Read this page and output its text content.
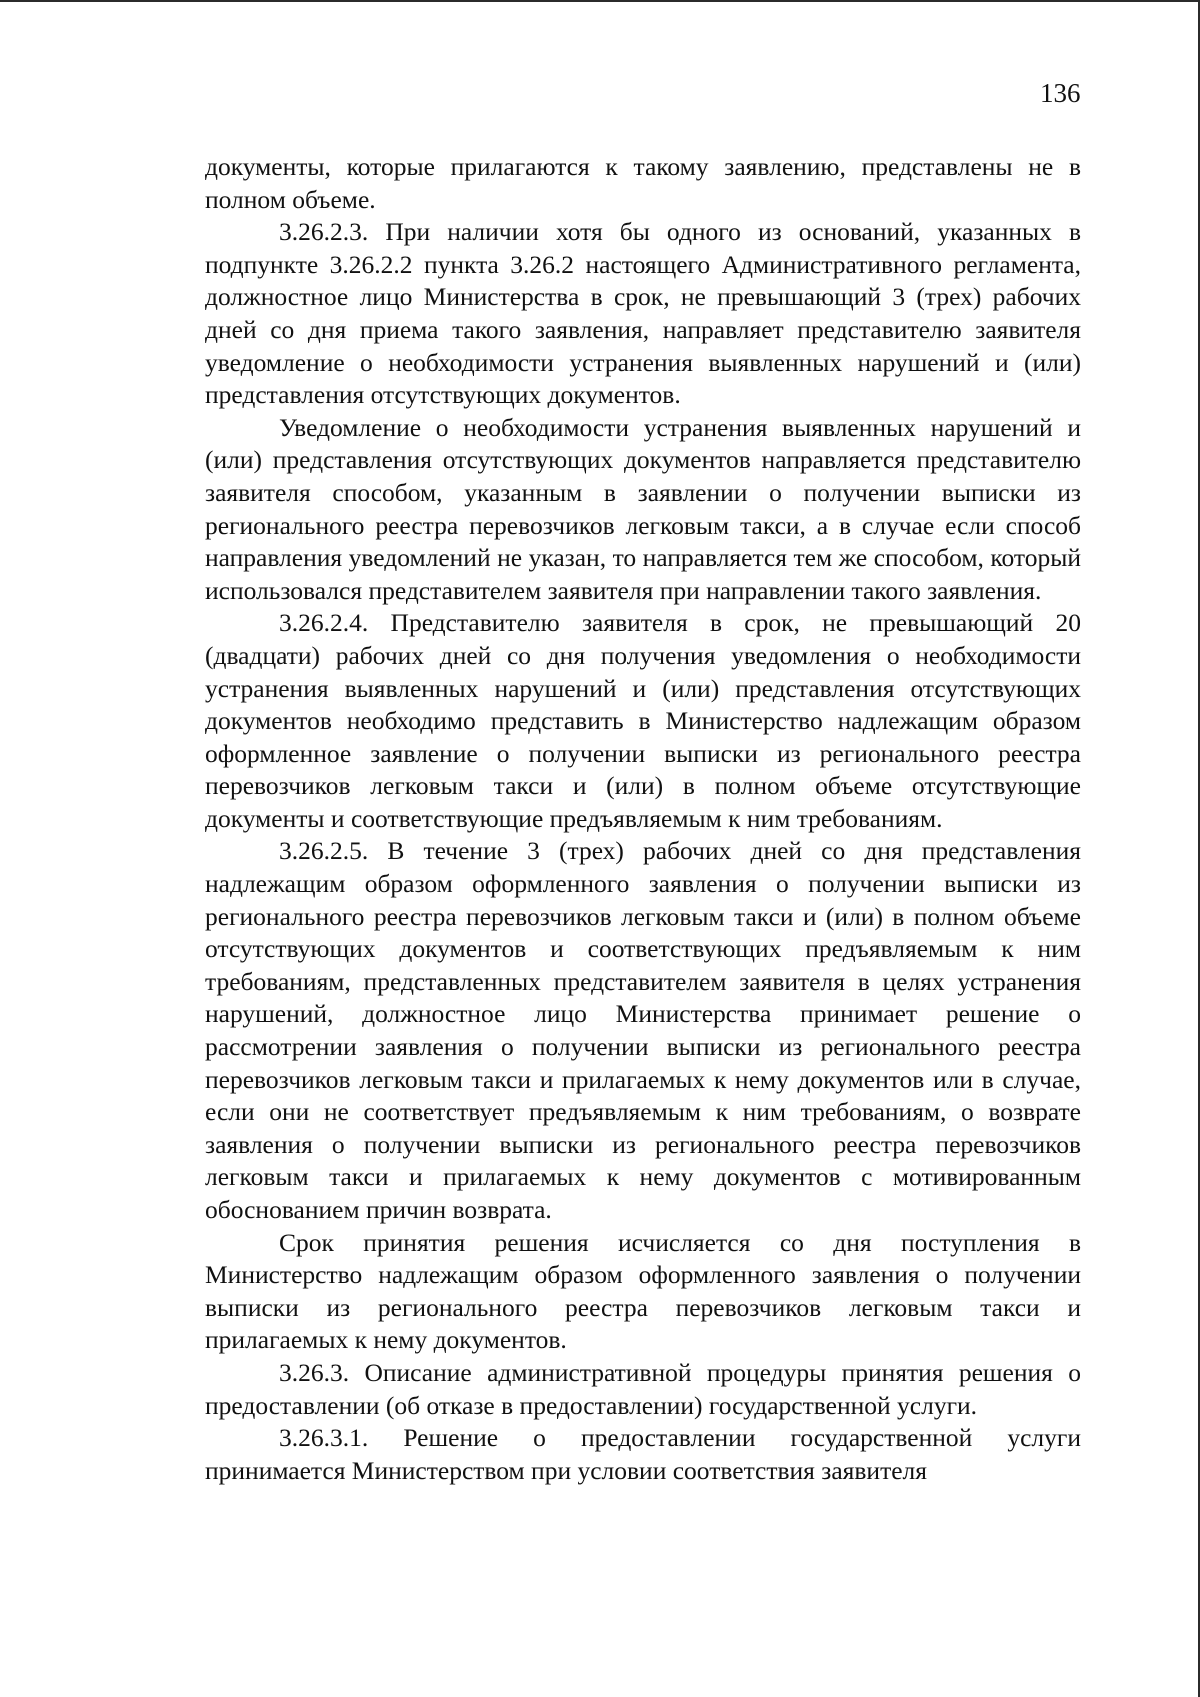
136

документы, которые прилагаются к такому заявлению, представлены не в полном объеме.

3.26.2.3. При наличии хотя бы одного из оснований, указанных в подпункте 3.26.2.2 пункта 3.26.2 настоящего Административного регламента, должностное лицо Министерства в срок, не превышающий 3 (трех) рабочих дней со дня приема такого заявления, направляет представителю заявителя уведомление о необходимости устранения выявленных нарушений и (или) представления отсутствующих документов.

Уведомление о необходимости устранения выявленных нарушений и (или) представления отсутствующих документов направляется представителю заявителя способом, указанным в заявлении о получении выписки из регионального реестра перевозчиков легковым такси, а в случае если способ направления уведомлений не указан, то направляется тем же способом, который использовался представителем заявителя при направлении такого заявления.

3.26.2.4. Представителю заявителя в срок, не превышающий 20 (двадцати) рабочих дней со дня получения уведомления о необходимости устранения выявленных нарушений и (или) представления отсутствующих документов необходимо представить в Министерство надлежащим образом оформленное заявление о получении выписки из регионального реестра перевозчиков легковым такси и (или) в полном объеме отсутствующие документы и соответствующие предъявляемым к ним требованиям.

3.26.2.5. В течение 3 (трех) рабочих дней со дня представления надлежащим образом оформленного заявления о получении выписки из регионального реестра перевозчиков легковым такси и (или) в полном объеме отсутствующих документов и соответствующих предъявляемым к ним требованиям, представленных представителем заявителя в целях устранения нарушений, должностное лицо Министерства принимает решение о рассмотрении заявления о получении выписки из регионального реестра перевозчиков легковым такси и прилагаемых к нему документов или в случае, если они не соответствует предъявляемым к ним требованиям, о возврате заявления о получении выписки из регионального реестра перевозчиков легковым такси и прилагаемых к нему документов с мотивированным обоснованием причин возврата.

Срок принятия решения исчисляется со дня поступления в Министерство надлежащим образом оформленного заявления о получении выписки из регионального реестра перевозчиков легковым такси и прилагаемых к нему документов.

3.26.3. Описание административной процедуры принятия решения о предоставлении (об отказе в предоставлении) государственной услуги.

3.26.3.1. Решение о предоставлении государственной услуги принимается Министерством при условии соответствия заявителя
